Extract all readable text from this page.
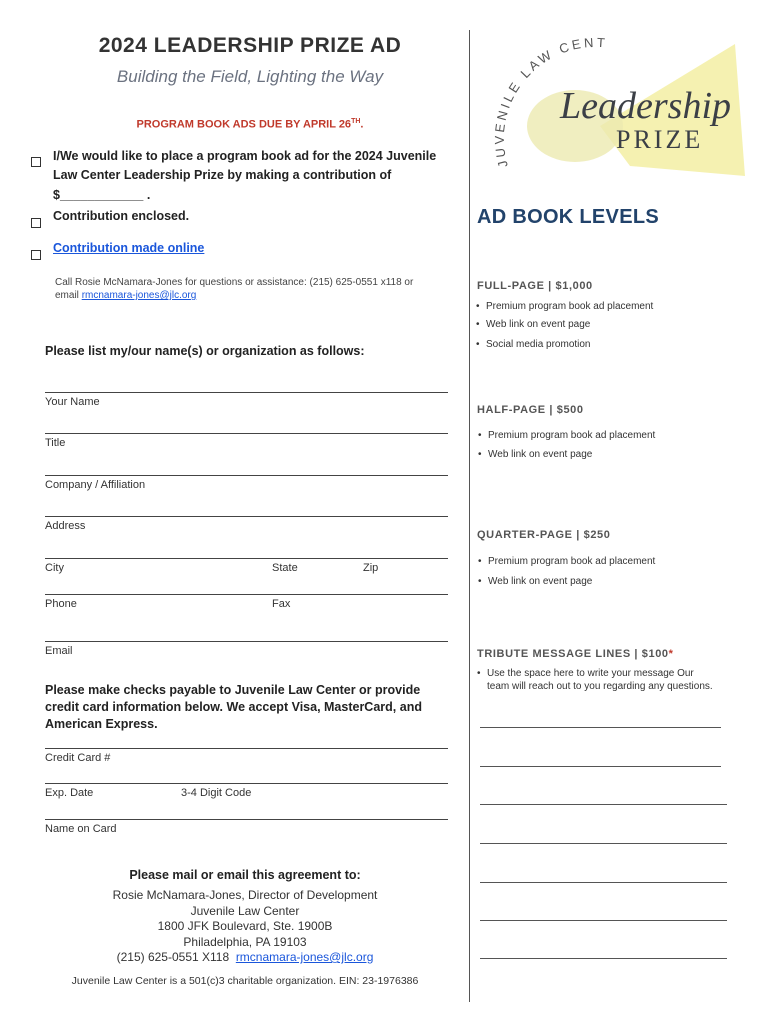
2024 LEADERSHIP PRIZE AD
Building the Field, Lighting the Way
PROGRAM BOOK ADS DUE BY APRIL 26TH.
I/We would like to place a program book ad for the 2024 Juvenile
Law Center Leadership Prize by making a contribution of
$____________ .
Contribution enclosed.
Contribution made online
Call Rosie McNamara-Jones for questions or assistance: (215) 625-0551 x118 or
email rmcnamara-jones@jlc.org
Please list my/our name(s) or organization as follows:
Your Name
Title
Company / Affiliation
Address
City	State	Zip
Phone	Fax
Email
Please make checks payable to Juvenile Law Center or provide
credit card information below. We accept Visa, MasterCard, and
American Express.
Credit Card #
Exp. Date	3-4 Digit Code
Name on Card
Please mail or email this agreement to:
Rosie McNamara-Jones, Director of Development
Juvenile Law Center
1800 JFK Boulevard, Ste. 1900B
Philadelphia, PA 19103
(215) 625-0551 X118 rmcnamara-jones@jlc.org
Juvenile Law Center is a 501(c)3 charitable organization. EIN: 23-1976386
JUVENILE LAW CENT
Leadership
PRIZE
AD BOOK LEVELS
FULL-PAGE | $1,000
• Premium program book ad placement
• Web link on event page
• Social media promotion
HALF-PAGE | $500
• Premium program book ad placement
• Web link on event page
QUARTER-PAGE | $250
• Premium program book ad placement
• Web link on event page
TRIBUTE MESSAGE LINES | $100*
• Use the space here to write your message Our team will reach out to you regarding any questions.
